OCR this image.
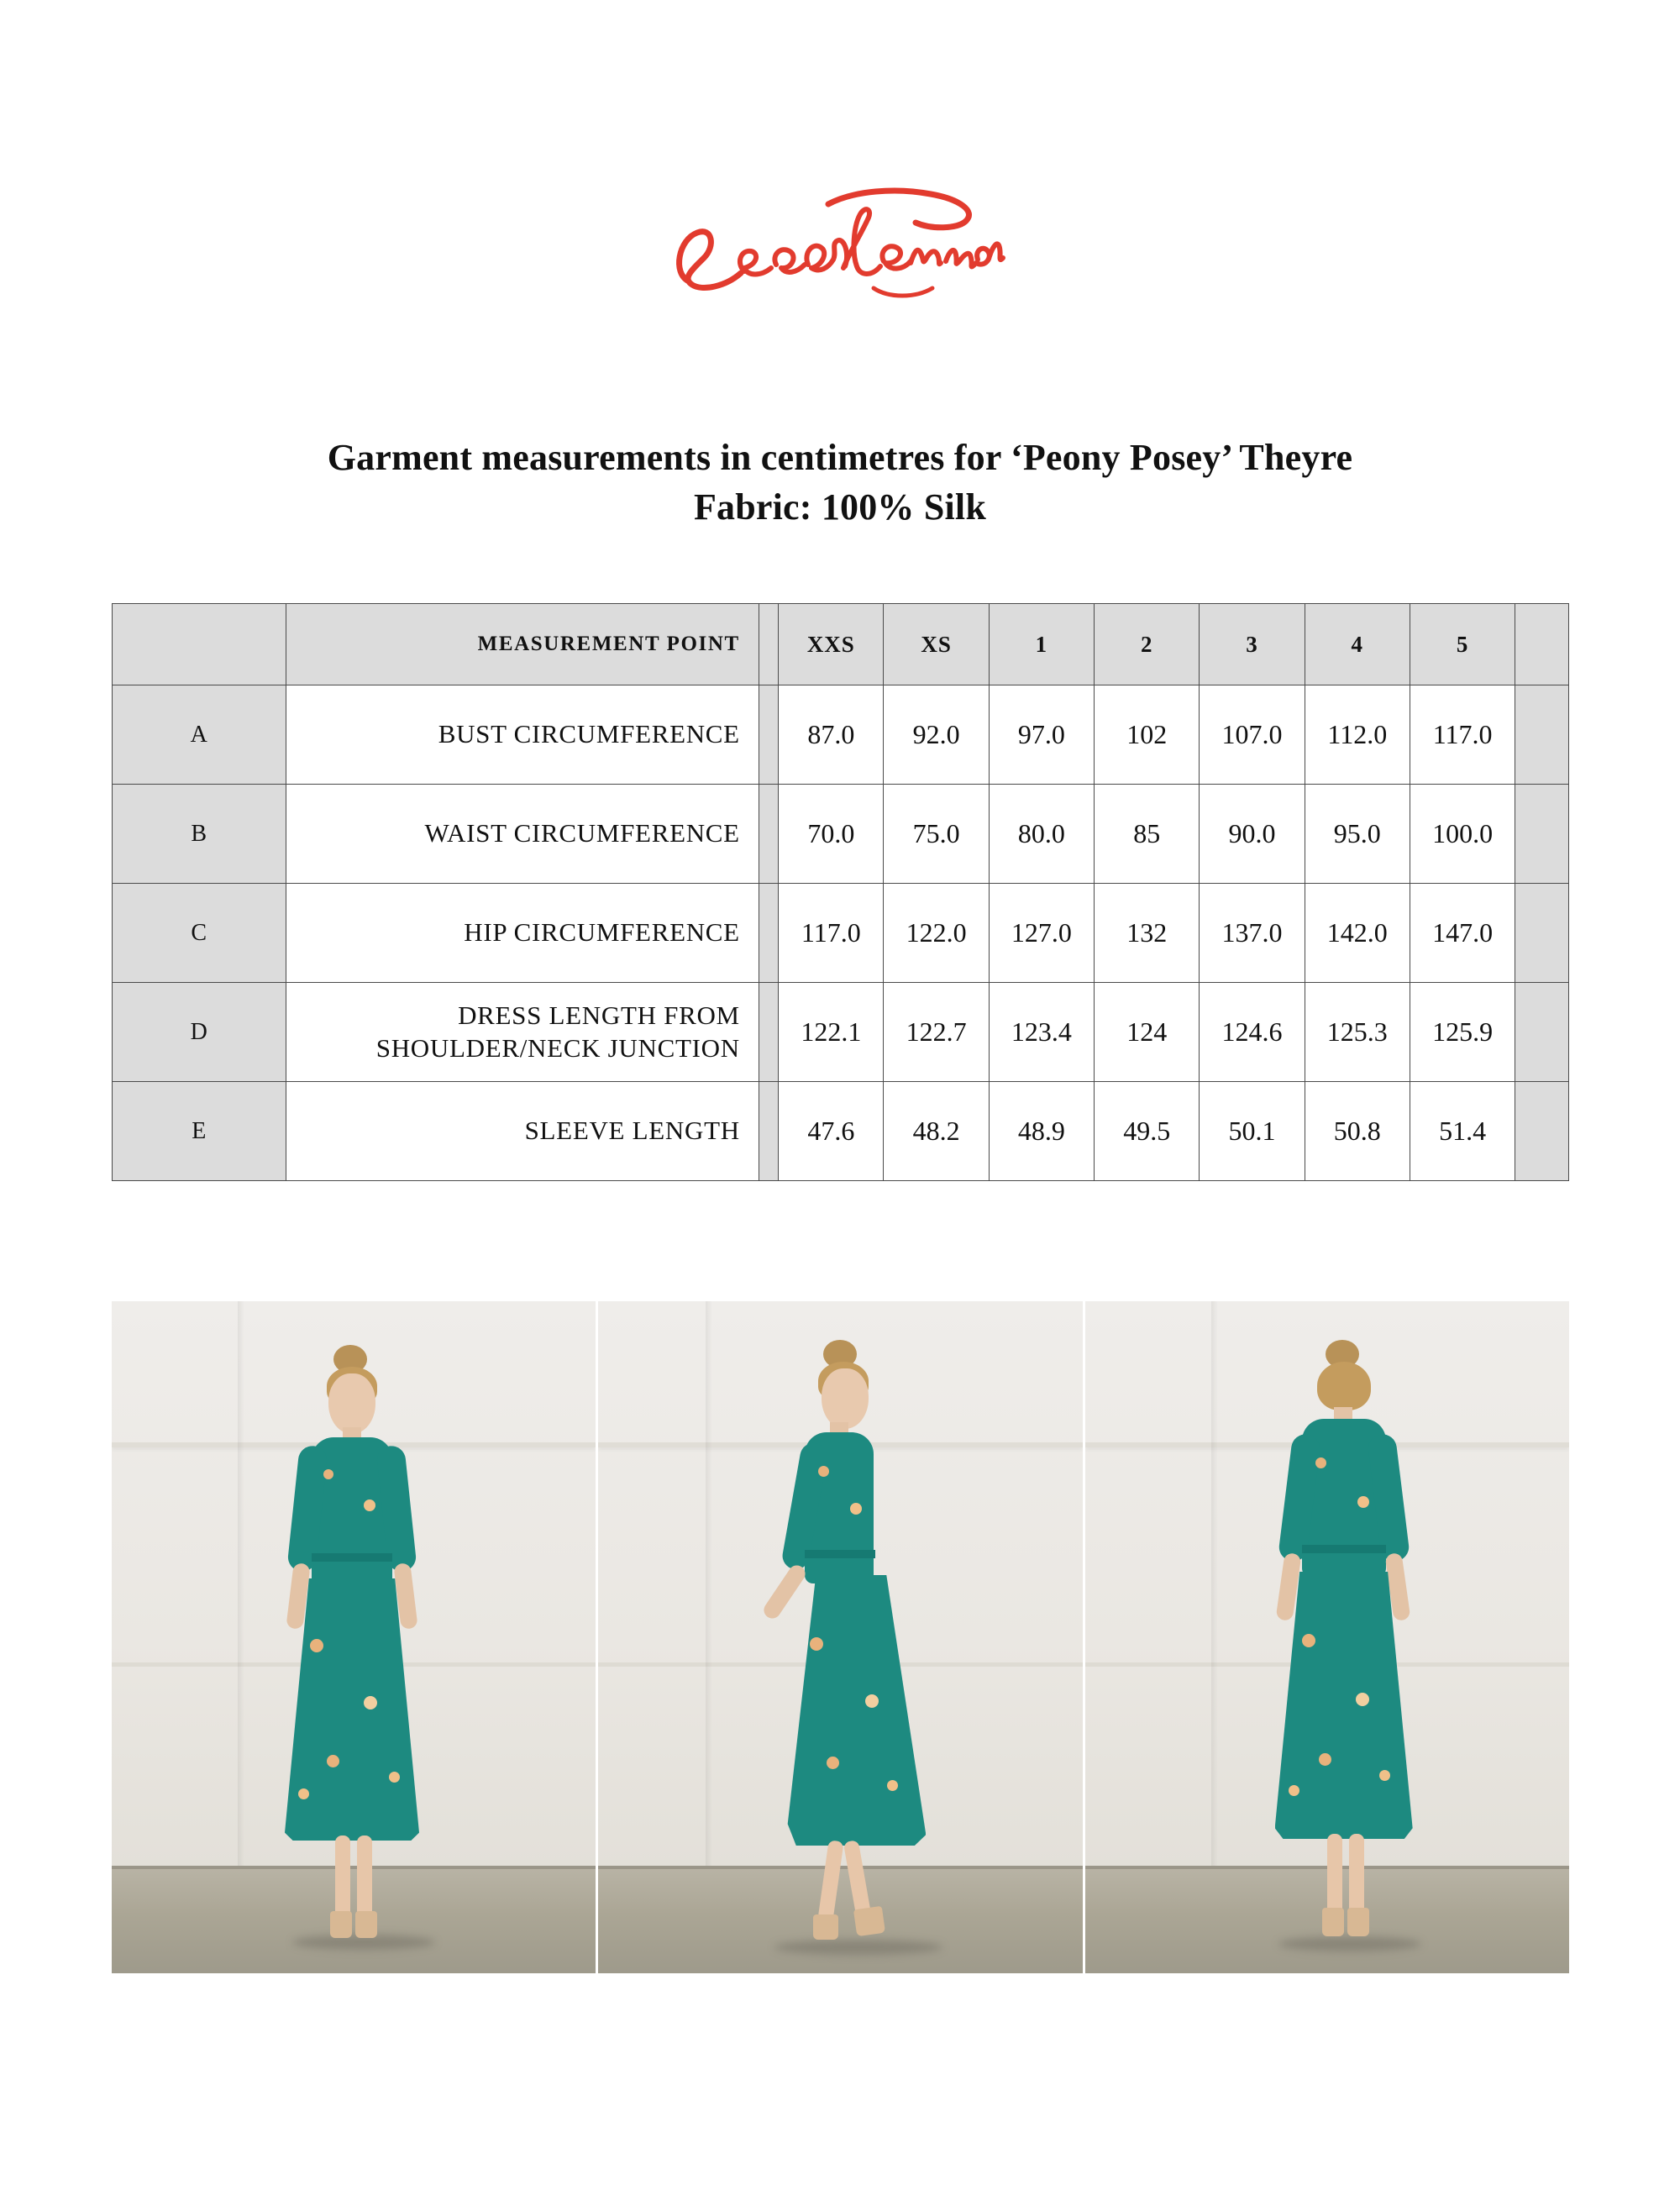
Garment measurements in centimetres for ‘Peony Posey’ Theyre
Fabric: 100% Silk
	MEASUREMENT POINT		XXS	XS	1	2	3	4	5	
A	BUST CIRCUMFERENCE		87.0	92.0	97.0	102	107.0	112.0	117.0	
B	WAIST CIRCUMFERENCE		70.0	75.0	80.0	85	90.0	95.0	100.0	
C	HIP CIRCUMFERENCE		117.0	122.0	127.0	132	137.0	142.0	147.0	
D	DRESS LENGTH FROM SHOULDER/NECK JUNCTION		122.1	122.7	123.4	124	124.6	125.3	125.9	
E	SLEEVE LENGTH		47.6	48.2	48.9	49.5	50.1	50.8	51.4	
